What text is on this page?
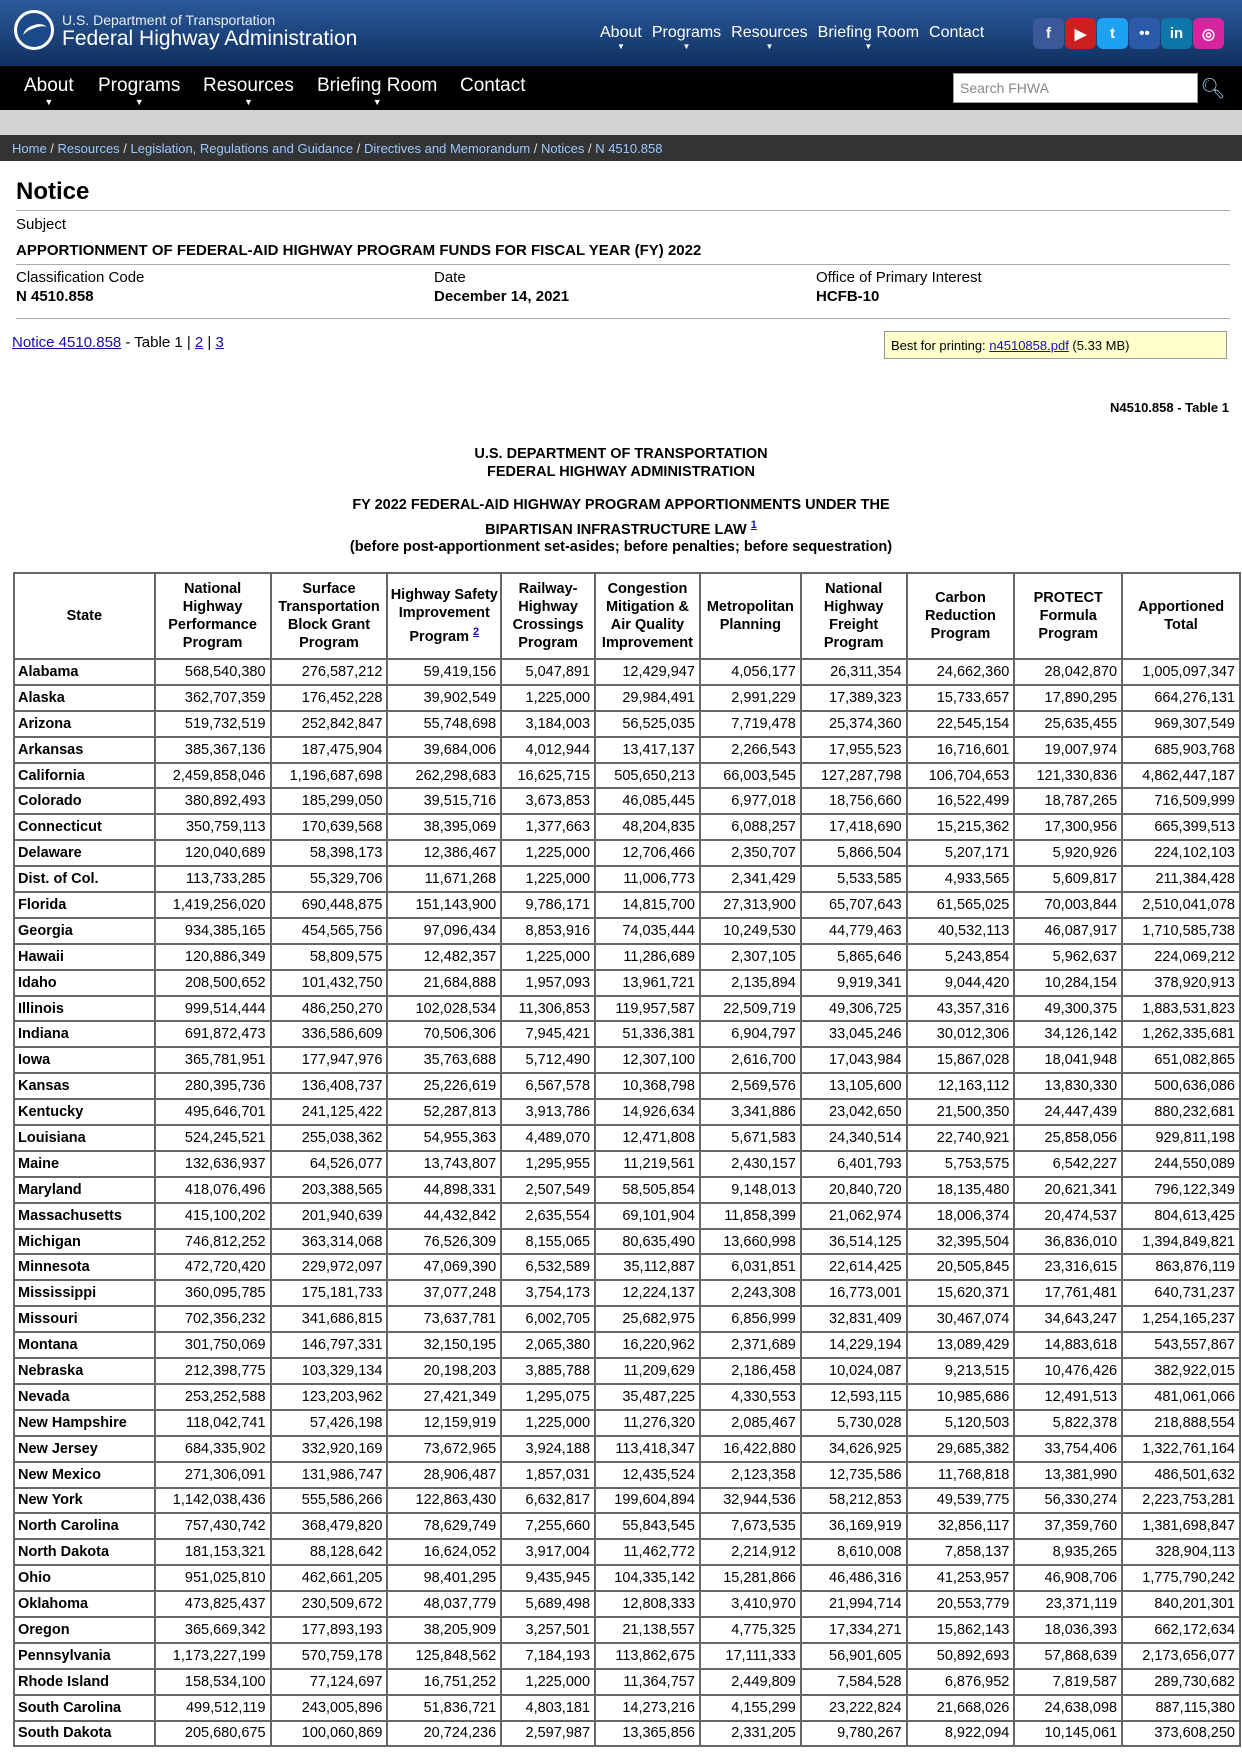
U.S. Department of Transportation
Federal Highway Administration	About ▼ Programs ▼ Resources ▼ Briefing Room ▼ Contact	f	▶	t	••	in	◎
About ▼ Programs ▼ Resources ▼ Briefing Room ▼ Contact	Search FHWA	🔍︎
Home / Resources / Legislation, Regulations and Guidance / Directives and Memorandum / Notices / N 4510.858
Notice
Subject
APPORTIONMENT OF FEDERAL-AID HIGHWAY PROGRAM FUNDS FOR FISCAL YEAR (FY) 2022
Classification Code
N 4510.858
Date
December 14, 2021
Office of Primary Interest
HCFB-10
Notice 4510.858 - Table 1 | 2 | 3	Best for printing: n4510858.pdf (5.33 MB)
N4510.858 - Table 1
U.S. DEPARTMENT OF TRANSPORTATION
FEDERAL HIGHWAY ADMINISTRATION
FY 2022 FEDERAL-AID HIGHWAY PROGRAM APPORTIONMENTS UNDER THE
BIPARTISAN INFRASTRUCTURE LAW $^1$
(before post-apportionment set-asides; before penalties; before sequestration)
State	National Highway Performance Program	Surface Transportation Block Grant Program	Highway Safety Improvement Program $^2$	Railway-Highway Crossings Program	Congestion Mitigation & Air Quality Improvement	Metropolitan Planning	National Highway Freight Program	Carbon Reduction Program	PROTECT Formula Program	Apportioned Total
Alabama	568,540,380	276,587,212	59,419,156	5,047,891	12,429,947	4,056,177	26,311,354	24,662,360	28,042,870	1,005,097,347
Alaska	362,707,359	176,452,228	39,902,549	1,225,000	29,984,491	2,991,229	17,389,323	15,733,657	17,890,295	664,276,131
Arizona	519,732,519	252,842,847	55,748,698	3,184,003	56,525,035	7,719,478	25,374,360	22,545,154	25,635,455	969,307,549
Arkansas	385,367,136	187,475,904	39,684,006	4,012,944	13,417,137	2,266,543	17,955,523	16,716,601	19,007,974	685,903,768
California	2,459,858,046	1,196,687,698	262,298,683	16,625,715	505,650,213	66,003,545	127,287,798	106,704,653	121,330,836	4,862,447,187
Colorado	380,892,493	185,299,050	39,515,716	3,673,853	46,085,445	6,977,018	18,756,660	16,522,499	18,787,265	716,509,999
Connecticut	350,759,113	170,639,568	38,395,069	1,377,663	48,204,835	6,088,257	17,418,690	15,215,362	17,300,956	665,399,513
Delaware	120,040,689	58,398,173	12,386,467	1,225,000	12,706,466	2,350,707	5,866,504	5,207,171	5,920,926	224,102,103
Dist. of Col.	113,733,285	55,329,706	11,671,268	1,225,000	11,006,773	2,341,429	5,533,585	4,933,565	5,609,817	211,384,428
Florida	1,419,256,020	690,448,875	151,143,900	9,786,171	14,815,700	27,313,900	65,707,643	61,565,025	70,003,844	2,510,041,078
Georgia	934,385,165	454,565,756	97,096,434	8,853,916	74,035,444	10,249,530	44,779,463	40,532,113	46,087,917	1,710,585,738
Hawaii	120,886,349	58,809,575	12,482,357	1,225,000	11,286,689	2,307,105	5,865,646	5,243,854	5,962,637	224,069,212
Idaho	208,500,652	101,432,750	21,684,888	1,957,093	13,961,721	2,135,894	9,919,341	9,044,420	10,284,154	378,920,913
Illinois	999,514,444	486,250,270	102,028,534	11,306,853	119,957,587	22,509,719	49,306,725	43,357,316	49,300,375	1,883,531,823
Indiana	691,872,473	336,586,609	70,506,306	7,945,421	51,336,381	6,904,797	33,045,246	30,012,306	34,126,142	1,262,335,681
Iowa	365,781,951	177,947,976	35,763,688	5,712,490	12,307,100	2,616,700	17,043,984	15,867,028	18,041,948	651,082,865
Kansas	280,395,736	136,408,737	25,226,619	6,567,578	10,368,798	2,569,576	13,105,600	12,163,112	13,830,330	500,636,086
Kentucky	495,646,701	241,125,422	52,287,813	3,913,786	14,926,634	3,341,886	23,042,650	21,500,350	24,447,439	880,232,681
Louisiana	524,245,521	255,038,362	54,955,363	4,489,070	12,471,808	5,671,583	24,340,514	22,740,921	25,858,056	929,811,198
Maine	132,636,937	64,526,077	13,743,807	1,295,955	11,219,561	2,430,157	6,401,793	5,753,575	6,542,227	244,550,089
Maryland	418,076,496	203,388,565	44,898,331	2,507,549	58,505,854	9,148,013	20,840,720	18,135,480	20,621,341	796,122,349
Massachusetts	415,100,202	201,940,639	44,432,842	2,635,554	69,101,904	11,858,399	21,062,974	18,006,374	20,474,537	804,613,425
Michigan	746,812,252	363,314,068	76,526,309	8,155,065	80,635,490	13,660,998	36,514,125	32,395,504	36,836,010	1,394,849,821
Minnesota	472,720,420	229,972,097	47,069,390	6,532,589	35,112,887	6,031,851	22,614,425	20,505,845	23,316,615	863,876,119
Mississippi	360,095,785	175,181,733	37,077,248	3,754,173	12,224,137	2,243,308	16,773,001	15,620,371	17,761,481	640,731,237
Missouri	702,356,232	341,686,815	73,637,781	6,002,705	25,682,975	6,856,999	32,831,409	30,467,074	34,643,247	1,254,165,237
Montana	301,750,069	146,797,331	32,150,195	2,065,380	16,220,962	2,371,689	14,229,194	13,089,429	14,883,618	543,557,867
Nebraska	212,398,775	103,329,134	20,198,203	3,885,788	11,209,629	2,186,458	10,024,087	9,213,515	10,476,426	382,922,015
Nevada	253,252,588	123,203,962	27,421,349	1,295,075	35,487,225	4,330,553	12,593,115	10,985,686	12,491,513	481,061,066
New Hampshire	118,042,741	57,426,198	12,159,919	1,225,000	11,276,320	2,085,467	5,730,028	5,120,503	5,822,378	218,888,554
New Jersey	684,335,902	332,920,169	73,672,965	3,924,188	113,418,347	16,422,880	34,626,925	29,685,382	33,754,406	1,322,761,164
New Mexico	271,306,091	131,986,747	28,906,487	1,857,031	12,435,524	2,123,358	12,735,586	11,768,818	13,381,990	486,501,632
New York	1,142,038,436	555,586,266	122,863,430	6,632,817	199,604,894	32,944,536	58,212,853	49,539,775	56,330,274	2,223,753,281
North Carolina	757,430,742	368,479,820	78,629,749	7,255,660	55,843,545	7,673,535	36,169,919	32,856,117	37,359,760	1,381,698,847
North Dakota	181,153,321	88,128,642	16,624,052	3,917,004	11,462,772	2,214,912	8,610,008	7,858,137	8,935,265	328,904,113
Ohio	951,025,810	462,661,205	98,401,295	9,435,945	104,335,142	15,281,866	46,486,316	41,253,957	46,908,706	1,775,790,242
Oklahoma	473,825,437	230,509,672	48,037,779	5,689,498	12,808,333	3,410,970	21,994,714	20,553,779	23,371,119	840,201,301
Oregon	365,669,342	177,893,193	38,205,909	3,257,501	21,138,557	4,775,325	17,334,271	15,862,143	18,036,393	662,172,634
Pennsylvania	1,173,227,199	570,759,178	125,848,562	7,184,193	113,862,675	17,111,333	56,901,605	50,892,693	57,868,639	2,173,656,077
Rhode Island	158,534,100	77,124,697	16,751,252	1,225,000	11,364,757	2,449,809	7,584,528	6,876,952	7,819,587	289,730,682
South Carolina	499,512,119	243,005,896	51,836,721	4,803,181	14,273,216	4,155,299	23,222,824	21,668,026	24,638,098	887,115,380
South Dakota	205,680,675	100,060,869	20,724,236	2,597,987	13,365,856	2,331,205	9,780,267	8,922,094	10,145,061	373,608,250
